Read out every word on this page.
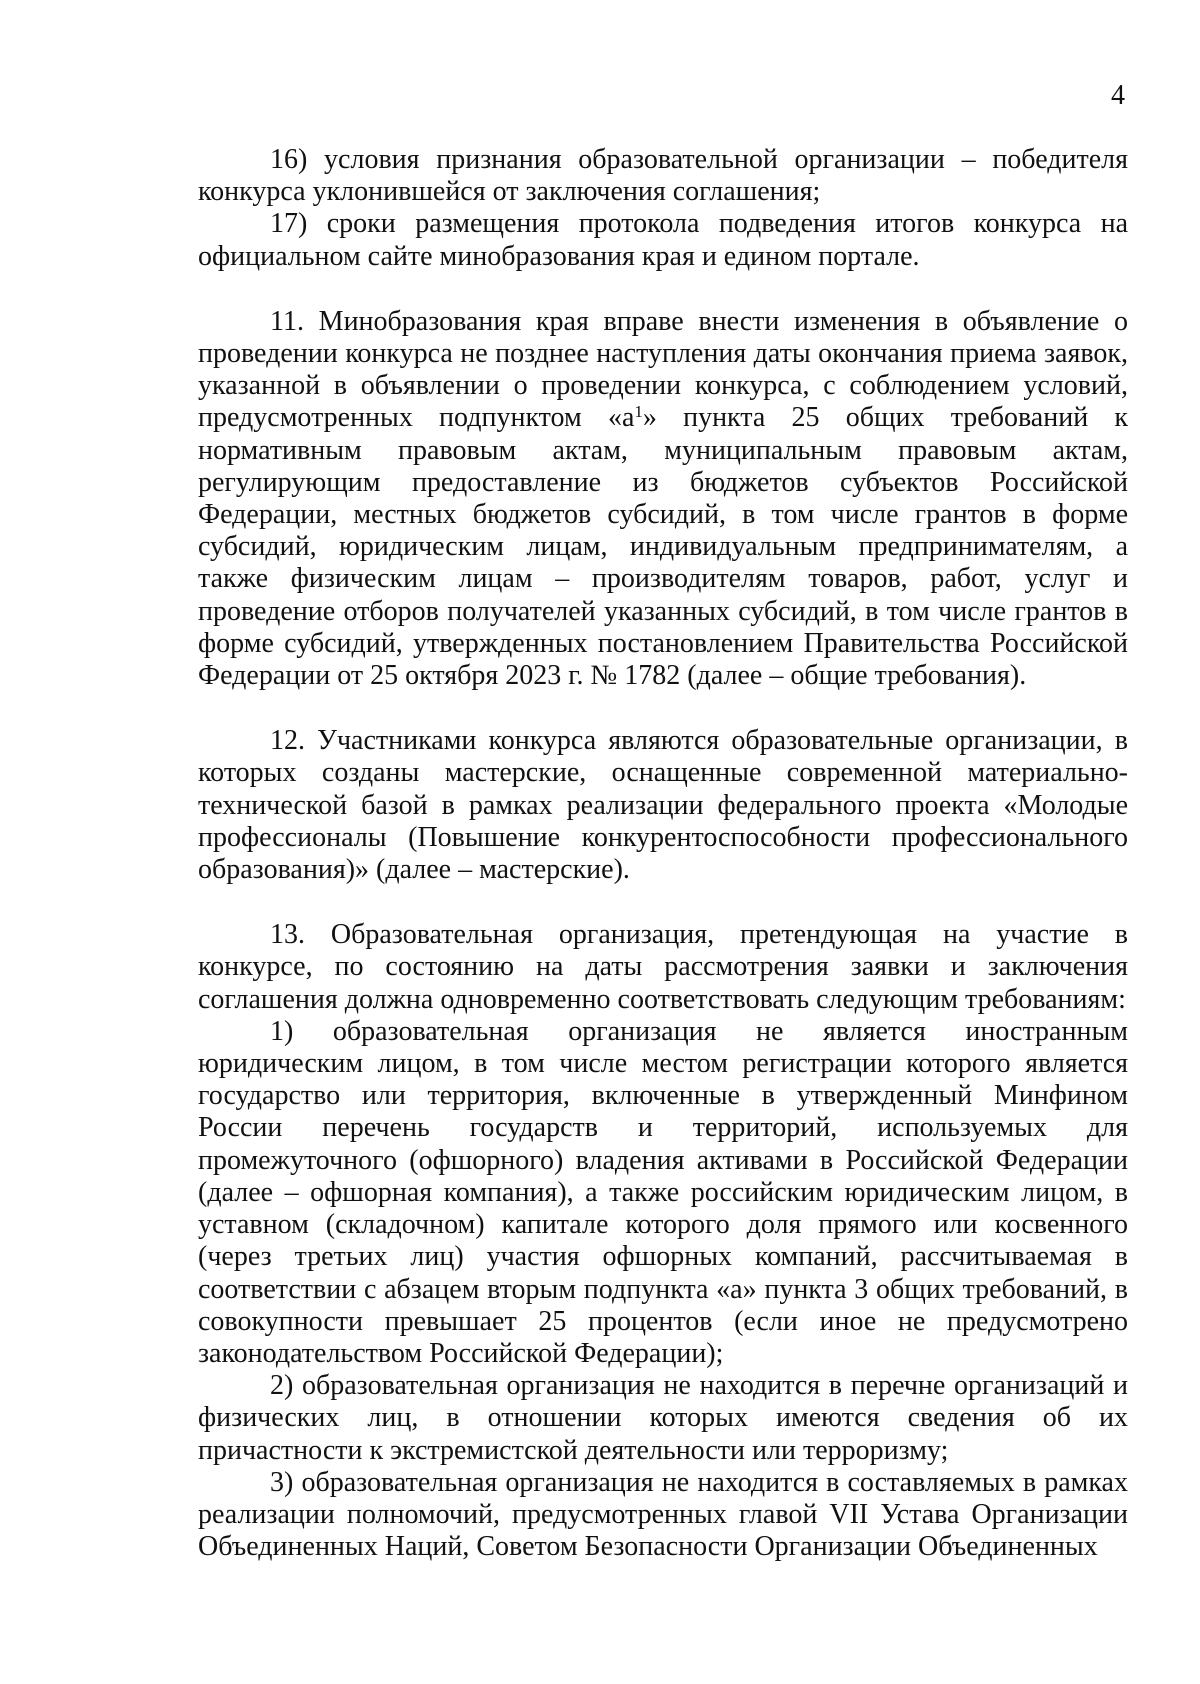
4

16) условия признания образовательной организации – победителя конкурса уклонившейся от заключения соглашения;

17) сроки размещения протокола подведения итогов конкурса на официальном сайте минобразования края и едином портале.

11. Минобразования края вправе внести изменения в объявление о проведении конкурса не позднее наступления даты окончания приема заявок, указанной в объявлении о проведении конкурса, с соблюдением условий, предусмотренных подпунктом «$а^1$» пункта 25 общих требований к нормативным правовым актам, муниципальным правовым актам, регулирующим предоставление из бюджетов субъектов Российской Федерации, местных бюджетов субсидий, в том числе грантов в форме субсидий, юридическим лицам, индивидуальным предпринимателям, а также физическим лицам – производителям товаров, работ, услуг и проведение отборов получателей указанных субсидий, в том числе грантов в форме субсидий, утвержденных постановлением Правительства Российской Федерации от 25 октября 2023 г. № 1782 (далее – общие требования).

12. Участниками конкурса являются образовательные организации, в которых созданы мастерские, оснащенные современной материально-технической базой в рамках реализации федерального проекта «Молодые профессионалы (Повышение конкурентоспособности профессионального образования)» (далее – мастерские).

13. Образовательная организация, претендующая на участие в конкурсе, по состоянию на даты рассмотрения заявки и заключения соглашения должна одновременно соответствовать следующим требованиям:

1) образовательная организация не является иностранным юридическим лицом, в том числе местом регистрации которого является государство или территория, включенные в утвержденный Минфином России перечень государств и территорий, используемых для промежуточного (офшорного) владения активами в Российской Федерации (далее – офшорная компания), а также российским юридическим лицом, в уставном (складочном) капитале которого доля прямого или косвенного (через третьих лиц) участия офшорных компаний, рассчитываемая в соответствии с абзацем вторым подпункта «а» пункта 3 общих требований, в совокупности превышает 25 процентов (если иное не предусмотрено законодательством Российской Федерации);

2) образовательная организация не находится в перечне организаций и физических лиц, в отношении которых имеются сведения об их причастности к экстремистской деятельности или терроризму;

3) образовательная организация не находится в составляемых в рамках реализации полномочий, предусмотренных главой VII Устава Организации Объединенных Наций, Советом Безопасности Организации Объединенных
